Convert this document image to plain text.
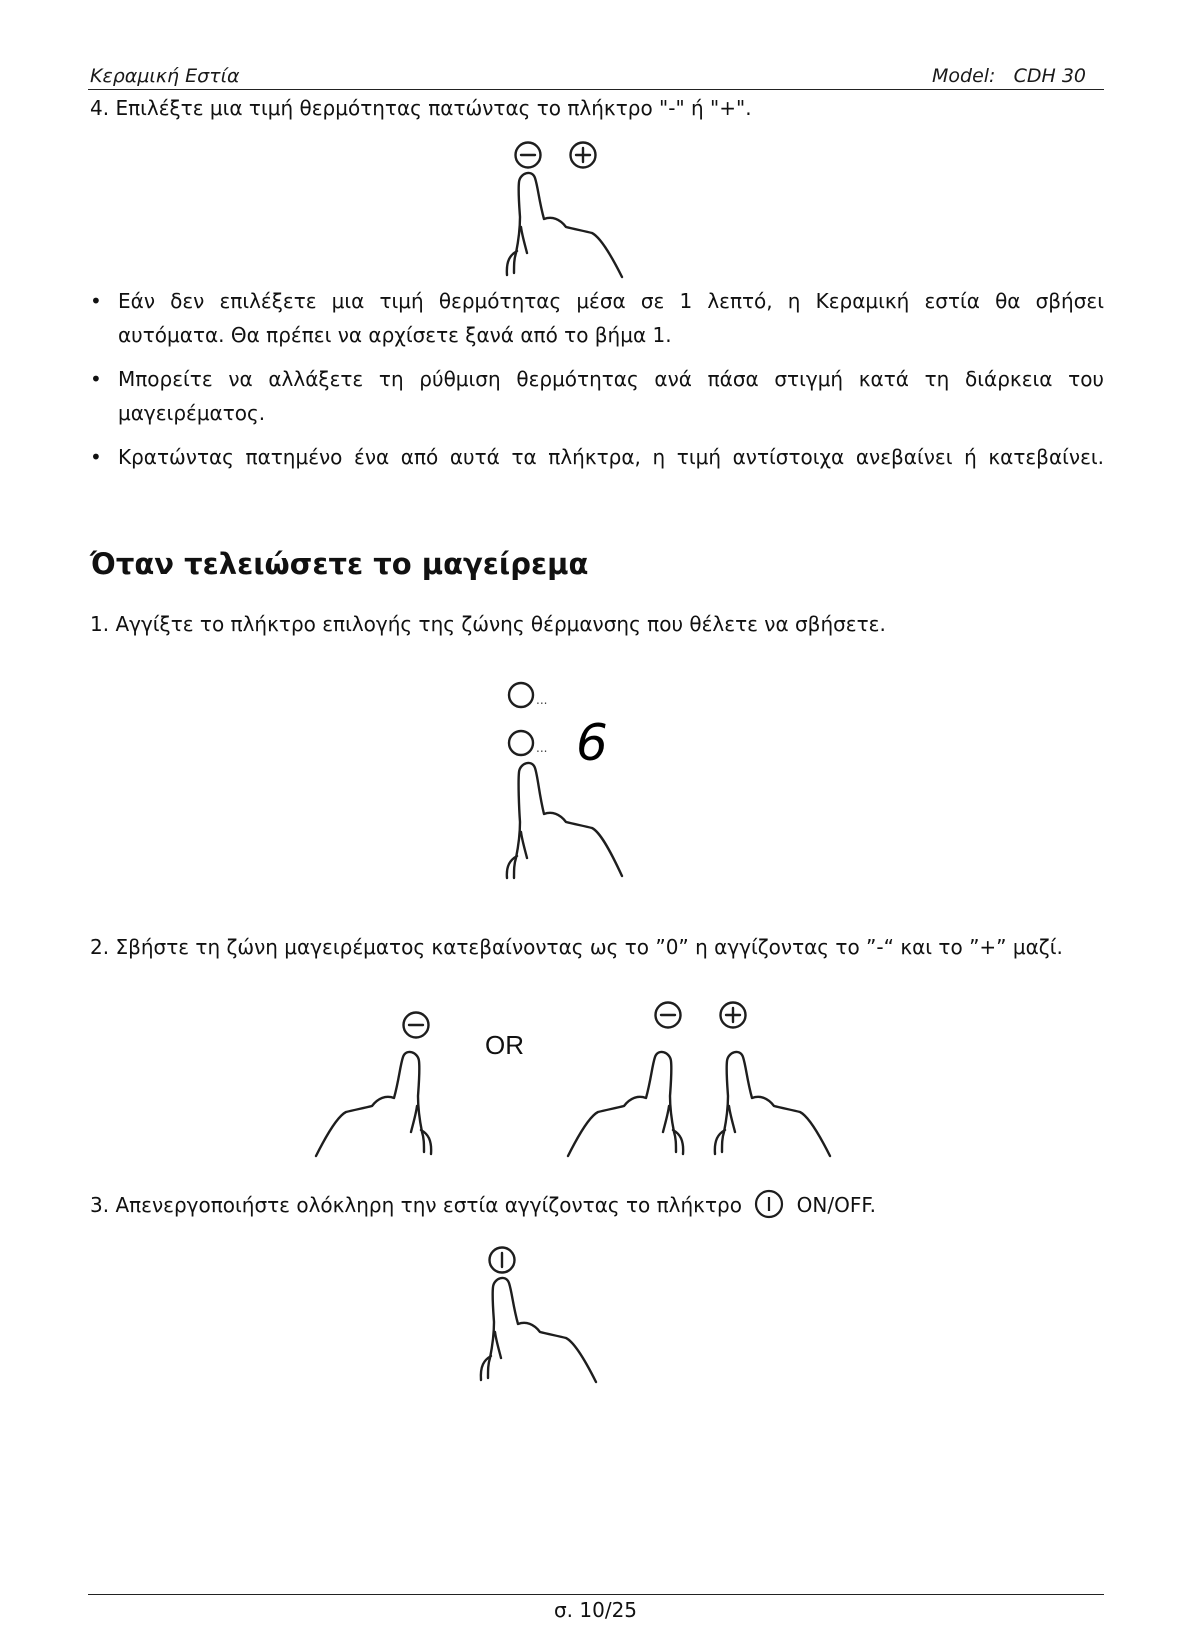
Κεραμική Εστία	Model: CDH 30
4. Επιλέξτε μια τιμή θερμότητας πατώντας το πλήκτρο "-" ή "+".
• Εάν δεν επιλέξετε μια τιμή θερμότητας μέσα σε 1 λεπτό, η Κεραμική εστία θα σβήσει
αυτόματα. Θα πρέπει να αρχίσετε ξανά από το βήμα 1.
• Μπορείτε να αλλάξετε τη ρύθμιση θερμότητας ανά πάσα στιγμή κατά τη διάρκεια του
μαγειρέματος.
• Κρατώντας πατημένο ένα από αυτά τα πλήκτρα, η τιμή αντίστοιχα ανεβαίνει ή κατεβαίνει.
Όταν τελειώσετε το μαγείρεμα
1. Αγγίξτε το πλήκτρο επιλογής της ζώνης θέρμανσης που θέλετε να σβήσετε.
...
... 6
2. Σβήστε τη ζώνη μαγειρέματος κατεβαίνοντας ως το ”0” η αγγίζοντας το ”-“ και το ”+” μαζί.
OR
3. Απενεργοποιήστε ολόκληρη την εστία αγγίζοντας το πλήκτρο	ON/OFF.
σ. 10/25
